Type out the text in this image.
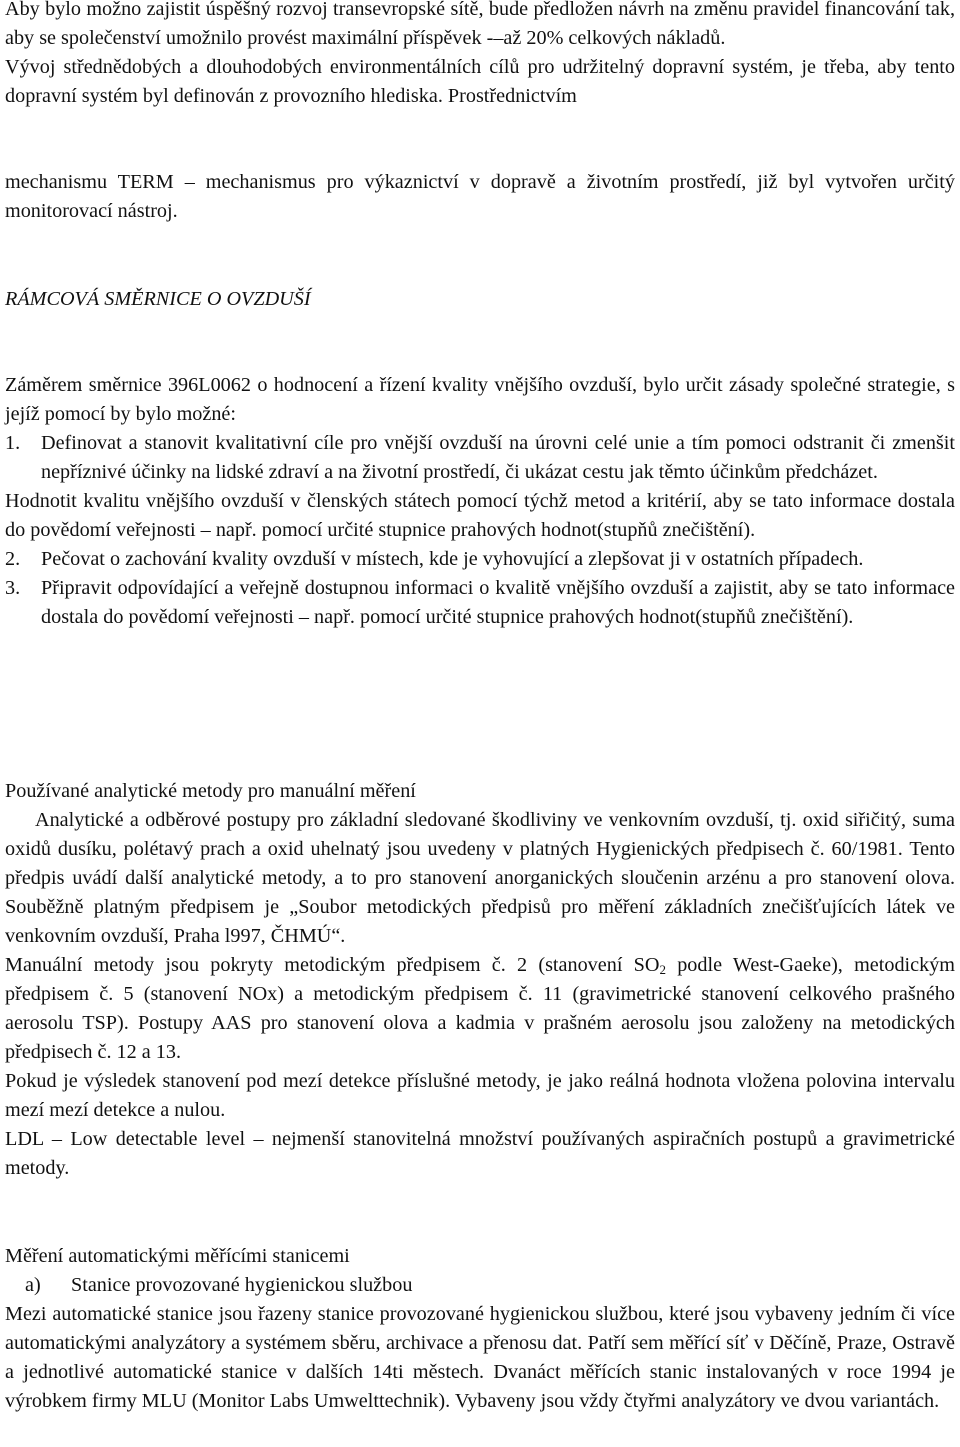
Aby bylo možno zajistit úspěšný rozvoj transevropské sítě, bude předložen návrh na změnu pravidel financování tak, aby se společenství umožnilo provést maximální příspěvek -–až 20% celkových nákladů.

Vývoj střednědobých a dlouhodobých environmentálních cílů pro udržitelný dopravní systém, je třeba, aby tento dopravní systém byl definován z provozního hlediska. Prostřednictvím

mechanismu TERM – mechanismus pro výkaznictví v dopravě a životním prostředí, již byl vytvořen určitý monitorovací nástroj.

RÁMCOVÁ SMĚRNICE O OVZDUŠÍ

Záměrem směrnice 396L0062 o hodnocení a řízení kvality vnějšího ovzduší, bylo určit zásady společné strategie, s jejíž pomocí by bylo možné:

1.	Definovat a stanovit kvalitativní cíle pro vnější ovzduší na úrovni celé unie a tím pomoci odstranit či zmenšit nepříznivé účinky na lidské zdraví a na životní prostředí, či ukázat cestu jak těmto účinkům předcházet.

Hodnotit kvalitu vnějšího ovzduší v členských státech pomocí týchž metod a kritérií, aby se tato informace dostala do povědomí veřejnosti – např. pomocí určité stupnice prahových hodnot(stupňů znečištění).

2.	Pečovat o zachování kvality ovzduší v místech, kde je vyhovující a zlepšovat ji v ostatních případech.
3.	Připravit odpovídající a veřejně dostupnou informaci o kvalitě vnějšího ovzduší a zajistit, aby se tato informace dostala do povědomí veřejnosti – např. pomocí určité stupnice prahových hodnot(stupňů znečištění).

Používané analytické metody pro manuální měření

Analytické a odběrové postupy pro základní sledované škodliviny ve venkovním ovzduší, tj. oxid siřičitý, suma oxidů dusíku, polétavý prach a oxid uhelnatý jsou uvedeny v platných Hygienických předpisech č. 60/1981. Tento předpis uvádí další analytické metody, a to pro stanovení anorganických sloučenin arzénu a pro stanovení olova. Souběžně platným předpisem je „Soubor metodických předpisů pro měření základních znečišťujících látek ve venkovním ovzduší, Praha l997, ČHMÚ“.

Manuální metody jsou pokryty metodickým předpisem č. 2 (stanovení $SO_2$ podle West-Gaeke), metodickým předpisem č. 5 (stanovení NOx) a metodickým předpisem č. 11 (gravimetrické stanovení celkového prašného aerosolu TSP). Postupy AAS pro stanovení olova a kadmia v prašném aerosolu jsou založeny na metodických předpisech č. 12 a 13.

Pokud je výsledek stanovení pod mezí detekce příslušné metody, je jako reálná hodnota vložena polovina intervalu mezí mezí detekce a nulou.

LDL – Low detectable level – nejmenší stanovitelná množství používaných aspiračních postupů a gravimetrické metody.

Měření automatickými měřícími stanicemi

a)	Stanice provozované hygienickou službou

Mezi automatické stanice jsou řazeny stanice provozované hygienickou službou, které jsou vybaveny jedním či více automatickými analyzátory a systémem sběru, archivace a přenosu dat. Patří sem měřící síť v Děčíně, Praze, Ostravě a jednotlivé automatické stanice v dalších 14ti městech. Dvanáct měřících stanic instalovaných v roce 1994 je výrobkem firmy MLU (Monitor Labs Umwelttechnik). Vybaveny jsou vždy čtyřmi analyzátory ve dvou variantách.
